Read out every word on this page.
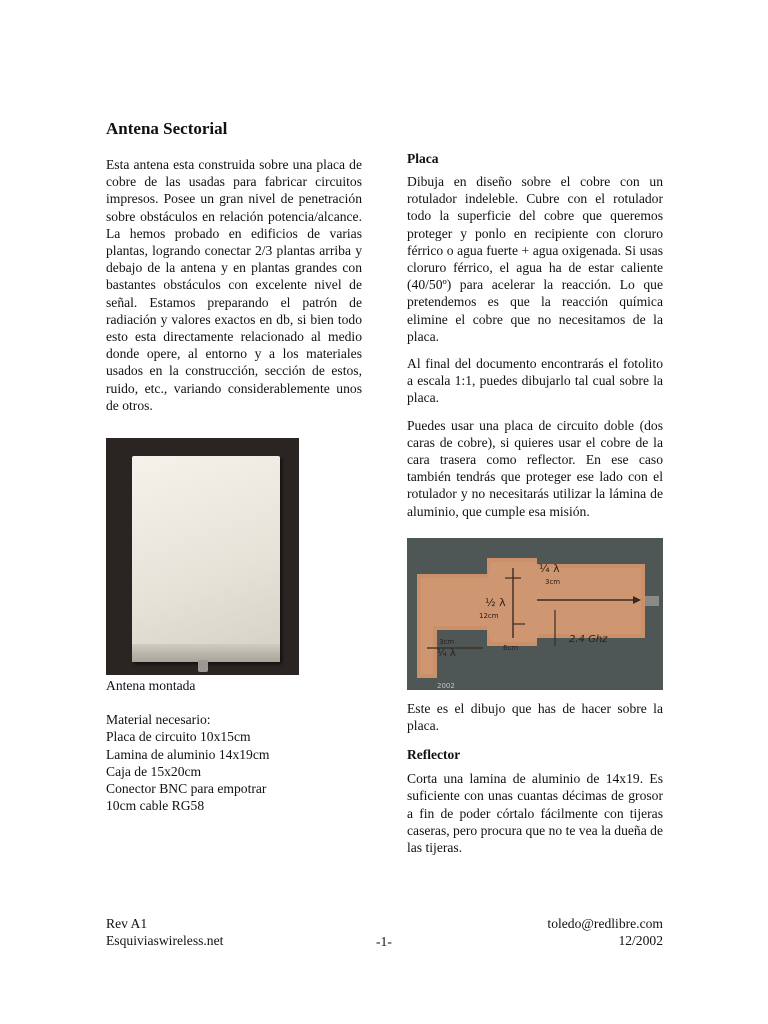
Antena Sectorial

Esta antena esta construida sobre una placa de cobre de las usadas para fabricar circuitos impresos. Posee un gran nivel de penetración sobre obstáculos en relación potencia/alcance. La hemos probado en edificios de varias plantas, logrando conectar 2/3 plantas arriba y debajo de la antena y en plantas grandes con bastantes obstáculos con excelente nivel de señal. Estamos preparando el patrón de radiación y valores exactos en db, si bien todo esto esta directamente relacionado al medio donde opere, al entorno y a los materiales usados en la construcción, sección de estos, ruido, etc., variando considerablemente unos de otros.

Antena montada
Material necesario:
Placa de circuito 10x15cm
Lamina de aluminio 14x19cm
Caja de 15x20cm
Conector BNC para empotrar
10cm cable RG58
Placa

Dibuja en diseño sobre el cobre con un rotulador indeleble. Cubre con el rotulador todo la superficie del cobre que queremos proteger y ponlo en recipiente con cloruro férrico o agua fuerte + agua oxigenada. Si usas cloruro férrico, el agua ha de estar caliente (40/50º) para acelerar la reacción. Lo que pretendemos es que la reacción química elimine el cobre que no necesitamos de la placa.

Al final del documento encontrarás el fotolito a escala 1:1, puedes dibujarlo tal cual sobre la placa.

Puedes usar una placa de circuito doble (dos caras de cobre), si quieres usar el cobre de la cara trasera como reflector. En ese caso también tendrás que proteger ese lado con el rotulador y no necesitarás utilizar la lámina de aluminio, que cumple esa misión.

¼ λ
3cm
½ λ
12cm
3cm
¼ λ	6cm
2.4 Ghz
2002

Este es el dibujo que has de hacer sobre la placa.

Reflector

Corta una lamina de aluminio de 14x19. Es suficiente con unas cuantas décimas de grosor a fin de poder córtalo fácilmente con tijeras caseras, pero procura que no te vea la dueña de las tijeras.

Rev A1
Esquiviaswireless.net	-1-
toledo@redlibre.com
12/2002
